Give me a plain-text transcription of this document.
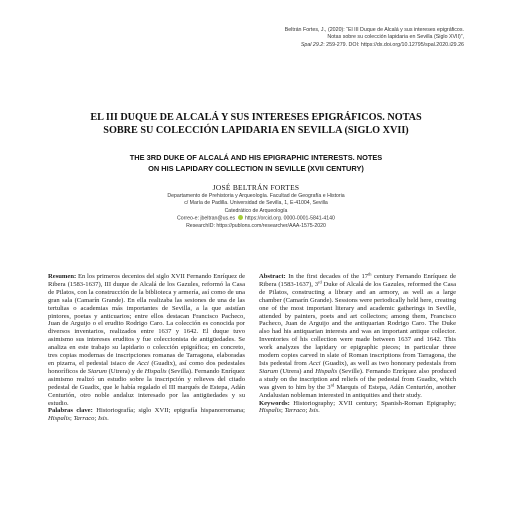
Beltrán Fortes, J., (2020): “El III Duque de Alcalá y sus intereses epigráficos.
Notas sobre su colección lapidaria en Sevilla (Siglo XVII)”,
Spal 29.2: 259-279. DOI: https://dx.doi.org/10.12795/spal.2020.i29.26
EL III DUQUE DE ALCALÁ Y SUS INTERESES EPIGRÁFICOS. NOTAS
SOBRE SU COLECCIÓN LAPIDARIA EN SEVILLA (SIGLO XVII)
THE 3RD DUKE OF ALCALÁ AND HIS EPIGRAPHIC INTERESTS. NOTES
ON HIS LAPIDARY COLLECTION IN SEVILLE (XVII CENTURY)
JOSÉ BELTRÁN FORTES
Departamento de Prehistoria y Arqueología. Facultad de Geografía e Historia
c/ María de Padilla. Universidad de Sevilla, 1, E-41004, Sevilla
Catedrático de Arqueología
Correo-e: jbeltran@us.es https://orcid.org. 0000-0001-5841-4140
ResearchID: https://publons.com/researcher/AAA-1575-2020

Resumen: En los primeros decenios del siglo XVII Fernando Enríquez de Ribera (1583-1637), III duque de Alcalá de los Gazules, reformó la Casa de Pilatos, con la construcción de la biblioteca y armería, así como de una gran sala (Camarín Grande). En ella realizaba las sesiones de una de las tertulias o academias más importantes de Sevilla, a la que asistían pintores, poetas y anticuarios; entre ellos destacan Francisco Pacheco, Juan de Arguijo o el erudito Rodrigo Caro. La colección es conocida por diversos inventarios, realizados entre 1637 y 1642. El duque tuvo asimismo sus intereses eruditos y fue coleccionista de antigüedades. Se analiza en este trabajo su lapidario o colección epigráfica; en concreto, tres copias modernas de inscripciones romanas de Tarragona, elaboradas en pizarra, el pedestal isiaco de Acci (Guadix), así como dos pedestales honoríficos de Siarum (Utrera) y de Hispalis (Sevilla). Fernando Enríquez asimismo realizó un estudio sobre la inscripción y relieves del citado pedestal de Guadix, que le había regalado el III marqués de Estepa, Adán Centurión, otro noble andaluz interesado por las antigüedades y su estudio.

Palabras clave: Historiografía; siglo XVII; epigrafía hispanorromana; Hispalis; Tarraco; Isis.

Abstract: In the first decades of the 17th century Fernando Enríquez de Ribera (1583-1637), 3rd Duke of Alcalá de los Gazules, reformed the Casa de Pilatos, constructing a library and an armory, as well as a large chamber (Camarín Grande). Sessions were periodically held here, creating one of the most important literary and academic gatherings in Seville, attended by painters, poets and art collectors; among them, Francisco Pacheco, Juan de Arguijo and the antiquarian Rodrigo Caro. The Duke also had his antiquarian interests and was an important antique collector. Inventories of his collection were made between 1637 and 1642. This work analyzes the lapidary or epigraphic pieces; in particular three modern copies carved in slate of Roman inscriptions from Tarragona, the Isis pedestal from Acci (Guadix), as well as two honorary pedestals from Siarum (Utrera) and Hispalis (Seville). Fernando Enríquez also produced a study on the inscription and reliefs of the pedestal from Guadix, which was given to him by the 3rd Marquis of Estepa, Adán Centurión, another Andalusian nobleman interested in antiquities and their study.

Keywords: Historiography; XVII century; Spanish-Roman Epigraphy; Hispalis; Tarraco; Isis.
